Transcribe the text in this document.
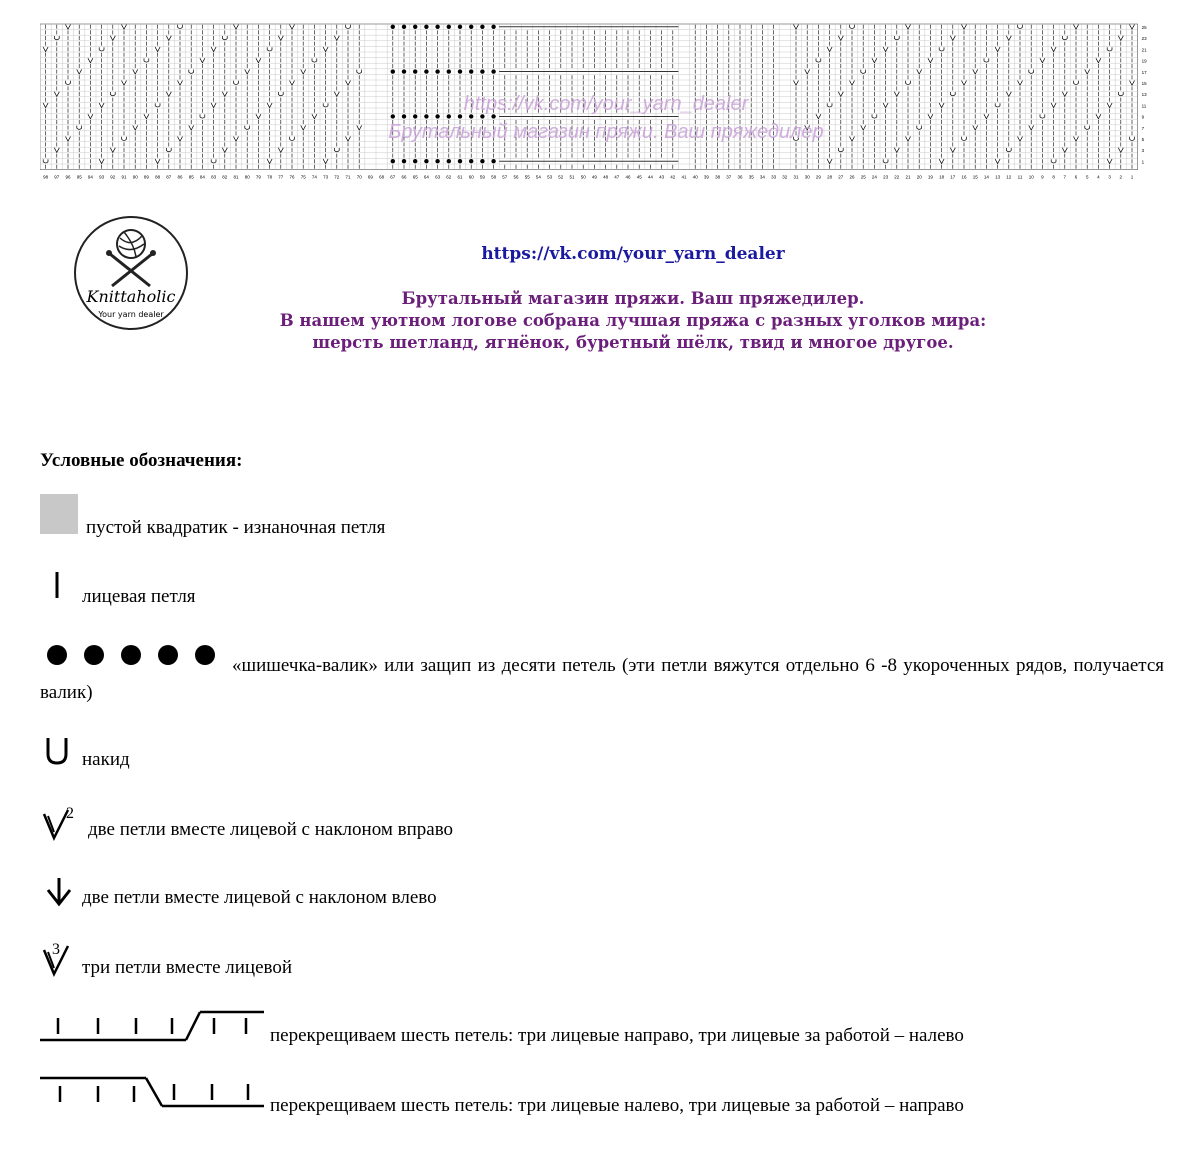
25
23
21
19
17
15
13
11
9
7
5
3
1
98 97 96 95 94 93 92 91 90 89 88 87 86 85 84 83 82 81 80 79 78 77 76 75 74 73 72 71 70 69 68 67 66 65 64 63 62 61 60 59 58 57 56 55 54 53 52 51 50 49 48 47 46 45 44 43 42 41 40 39 38 37 36 35 34 33 32 31 30 29 28 27 26 25 24 23 22 21 20 19 18 17 16 15 14 13 12 11 10 9 8 7 6 5 4 3 2 1
https://vk.com/your_yarn_dealer
Брутальный магазин пряжи. Ваш пряжедилер
Knittaholic
Your yarn dealer
https://vk.com/your_yarn_dealer
Брутальный магазин пряжи. Ваш пряжедилер.
В нашем уютном логове собрана лучшая пряжа с разных уголков мира:
шерсть шетланд, ягнёнок, буретный шёлк, твид и многое другое.
Условные обозначения:
пустой квадратик - изнаночная петля
лицевая петля
«шишечка-валик» или защип из десяти петель (эти петли вяжутся отдельно 6 -8 укороченных рядов, получается валик)
накид
2
две петли вместе лицевой с наклоном вправо
две петли вместе лицевой с наклоном влево
3
три петли вместе лицевой
перекрещиваем шесть петель: три лицевые направо, три лицевые за работой – налево
перекрещиваем шесть петель: три лицевые налево, три лицевые за работой – направо
